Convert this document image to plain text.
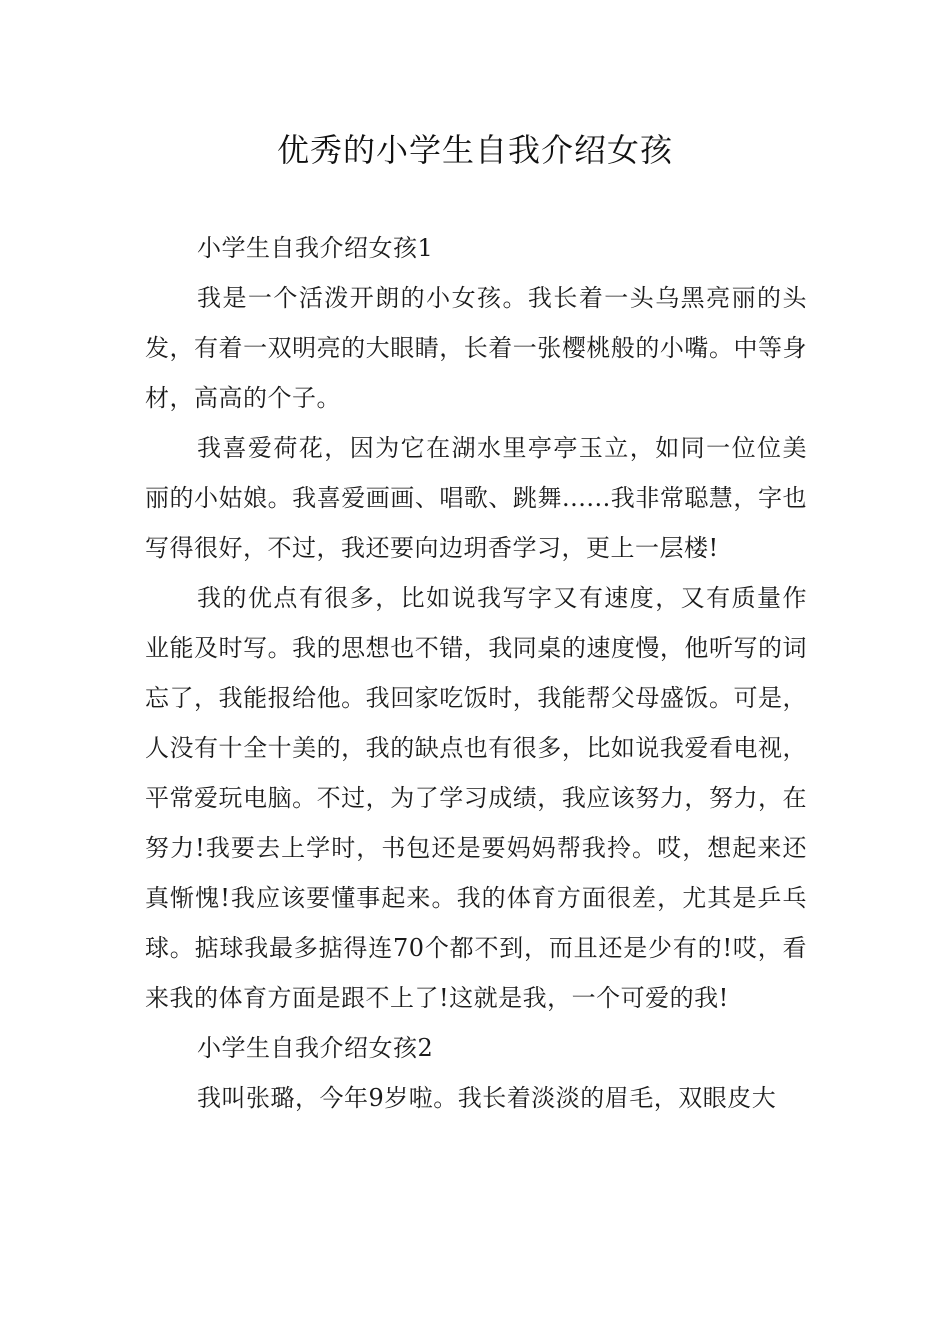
优秀的小学生自我介绍女孩

小学生自我介绍女孩1

我是一个活泼开朗的小女孩。我长着一头乌黑亮丽的头发，有着一双明亮的大眼睛，长着一张樱桃般的小嘴。中等身材，高高的个子。

我喜爱荷花，因为它在湖水里亭亭玉立，如同一位位美丽的小姑娘。我喜爱画画、唱歌、跳舞......我非常聪慧，字也写得很好，不过，我还要向边玥香学习，更上一层楼!

我的优点有很多，比如说我写字又有速度，又有质量作业能及时写。我的思想也不错，我同桌的速度慢，他听写的词忘了，我能报给他。我回家吃饭时，我能帮父母盛饭。可是，人没有十全十美的，我的缺点也有很多，比如说我爱看电视，平常爱玩电脑。不过，为了学习成绩，我应该努力，努力，在努力!我要去上学时，书包还是要妈妈帮我拎。哎，想起来还真惭愧!我应该要懂事起来。我的体育方面很差，尤其是乒乓球。掂球我最多掂得连70个都不到，而且还是少有的!哎，看来我的体育方面是跟不上了!这就是我，一个可爱的我!

小学生自我介绍女孩2

我叫张璐，今年9岁啦。我长着淡淡的眉毛，双眼皮大
